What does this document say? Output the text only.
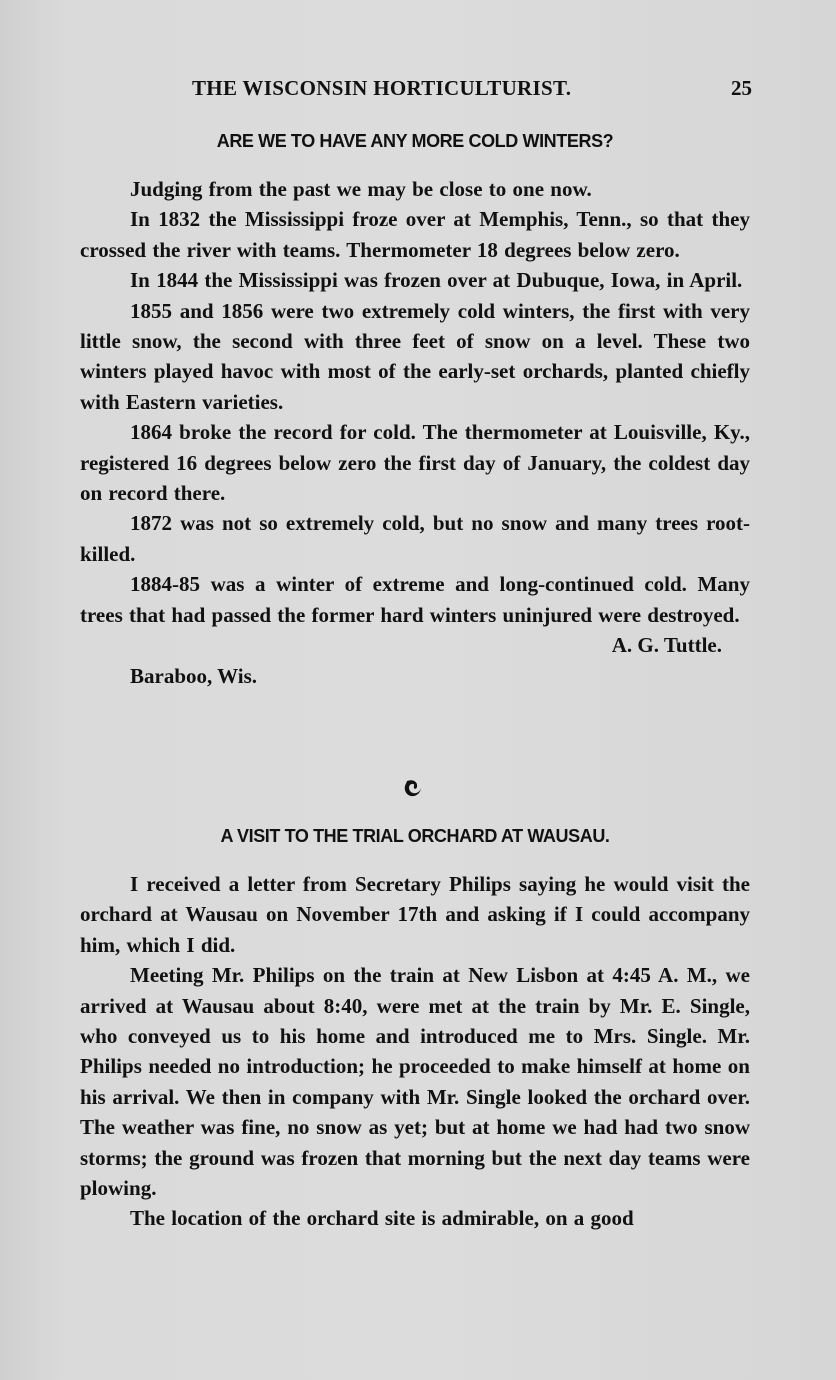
THE WISCONSIN HORTICULTURIST.	25
ARE WE TO HAVE ANY MORE COLD WINTERS?

Judging from the past we may be close to one now.

In 1832 the Mississippi froze over at Memphis, Tenn., so that they crossed the river with teams. Thermometer 18 degrees below zero.

In 1844 the Mississippi was frozen over at Dubuque, Iowa, in April.

1855 and 1856 were two extremely cold winters, the first with very little snow, the second with three feet of snow on a level. These two winters played havoc with most of the early-set orchards, planted chiefly with Eastern varieties.

1864 broke the record for cold. The thermometer at Louisville, Ky., registered 16 degrees below zero the first day of January, the coldest day on record there.

1872 was not so extremely cold, but no snow and many trees root-killed.

1884-85 was a winter of extreme and long-continued cold. Many trees that had passed the former hard winters uninjured were destroyed.

A. G. Tuttle.

Baraboo, Wis.

A VISIT TO THE TRIAL ORCHARD AT WAUSAU.

I received a letter from Secretary Philips saying he would visit the orchard at Wausau on November 17th and asking if I could accompany him, which I did.

Meeting Mr. Philips on the train at New Lisbon at 4:45 A. M., we arrived at Wausau about 8:40, were met at the train by Mr. E. Single, who conveyed us to his home and introduced me to Mrs. Single. Mr. Philips needed no introduction; he proceeded to make himself at home on his arrival. We then in company with Mr. Single looked the orchard over. The weather was fine, no snow as yet; but at home we had had two snow storms; the ground was frozen that morning but the next day teams were plowing.

The location of the orchard site is admirable, on a good
